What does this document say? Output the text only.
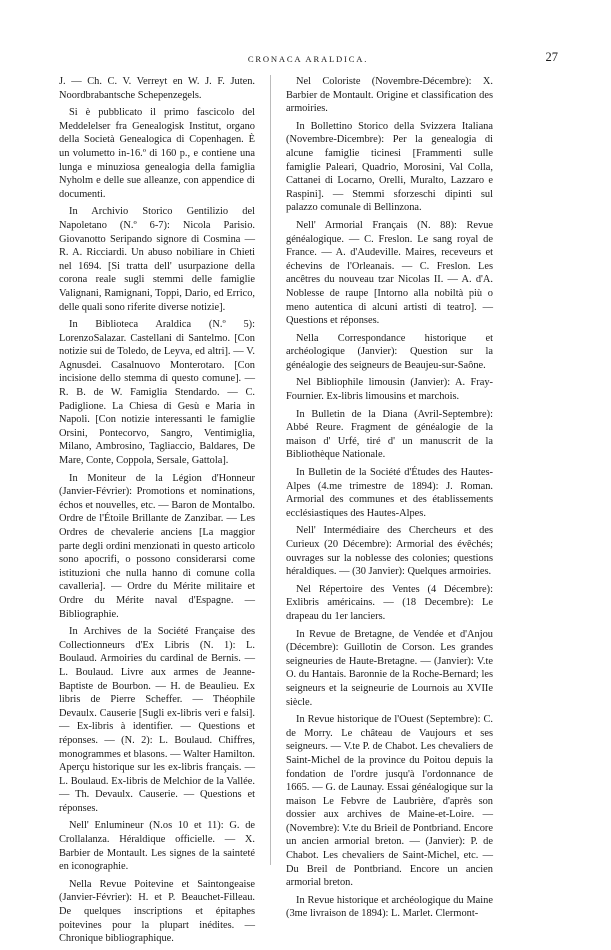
CRONACA ARALDICA.	27

J. — Ch. C. V. Verreyt en W. J. F. Juten. Noordbrabantsche Schepenzegels.

Si è pubblicato il primo fascicolo del Meddelelser fra Genealogisk Institut, organo della Società Genealogica di Copenhagen. È un volumetto in-16.º di 160 p., e contiene una lunga e minuziosa genealogia della famiglia Nyholm e delle sue alleanze, con appendice di documenti.

In Archivio Storico Gentilizio del Napoletano (N.º 6-7): Nicola Parisio. Giovanotto Seripando signore di Cosmina — R. A. Ricciardi. Un abuso nobiliare in Chieti nel 1694. [Si tratta dell' usurpazione della corona reale sugli stemmi delle famiglie Valignani, Ramignani, Toppi, Dario, ed Errico, delle quali sono riferite diverse notizie].

In Biblioteca Araldica (N.º 5): LorenzoSalazar. Castellani di Santelmo. [Con notizie sui de Toledo, de Leyva, ed altri]. — V. Agnusdei. Casalnuovo Monterotaro. [Con incisione dello stemma di questo comune]. — R. B. de W. Famiglia Stendardo. — C. Padiglione. La Chiesa di Gesù e Maria in Napoli. [Con notizie interessanti le famiglie Orsini, Pontecorvo, Sangro, Ventimiglia, Milano, Ambrosino, Tagliaccio, Baldares, De Mare, Conte, Coppola, Sersale, Gattola].

In Moniteur de la Légion d'Honneur (Janvier-Février): Promotions et nominations, échos et nouvelles, etc. — Baron de Montalbo. Ordre de l'Étoile Brillante de Zanzibar. — Les Ordres de chevalerie anciens [La maggior parte degli ordini menzionati in questo articolo sono apocrifi, o possono considerarsi come istituzioni che nulla hanno di comune colla cavalleria]. — Ordre du Mérite militaire et Ordre du Mérite naval d'Espagne. — Bibliographie.

In Archives de la Société Française des Collectionneurs d'Ex Libris (N. 1): L. Boulaud. Armoiries du cardinal de Bernis. — L. Boulaud. Livre aux armes de Jeanne-Baptiste de Bourbon. — H. de Beaulieu. Ex libris de Pierre Scheffer. — Théophile Devaulx. Causerie [Sugli ex-libris veri e falsi]. — Ex-libris à identifier. — Questions et réponses. — (N. 2): L. Boulaud. Chiffres, monogrammes et blasons. — Walter Hamilton. Aperçu historique sur les ex-libris français. — L. Boulaud. Ex-libris de Melchior de la Vallée. — Th. Devaulx. Causerie. — Questions et réponses.

Nell' Enlumineur (N.os 10 et 11): G. de Crollalanza. Héraldique officielle. — X. Barbier de Montault. Les signes de la sainteté en iconographie.

Nella Revue Poitevine et Saintongeaise (Janvier-Février): H. et P. Beauchet-Filleau. De quelques inscriptions et épitaphes poitevines pour la plupart inédites. — Chronique bibliographique.

Nel Coloriste (Novembre-Décembre): X. Barbier de Montault. Origine et classification des armoiries.

In Bollettino Storico della Svizzera Italiana (Novembre-Dicembre): Per la genealogia di alcune famiglie ticinesi [Frammenti sulle famiglie Paleari, Quadrio, Morosini, Val Colla, Cattanei di Locarno, Orelli, Muralto, Lazzaro e Raspini]. — Stemmi sforzeschi dipinti sul palazzo comunale di Bellinzona.

Nell' Armorial Français (N. 88): Revue généalogique. — C. Freslon. Le sang royal de France. — A. d'Audeville. Maires, receveurs et échevins de l'Orleanais. — C. Freslon. Les ancêtres du nouveau tzar Nicolas II. — A. d'A. Noblesse de raupe [Intorno alla nobiltà più o meno autentica di alcuni artisti di teatro]. — Questions et réponses.

Nella Correspondance historique et archéologique (Janvier): Question sur la généalogie des seigneurs de Beaujeu-sur-Saône.

Nel Bibliophile limousin (Janvier): A. Fray-Fournier. Ex-libris limousins et marchois.

In Bulletin de la Diana (Avril-Septembre): Abbé Reure. Fragment de généalogie de la maison d' Urfé, tiré d' un manuscrit de la Bibliothèque Nationale.

In Bulletin de la Société d'Études des Hautes-Alpes (4.me trimestre de 1894): J. Roman. Armorial des communes et des établissements ecclésiastiques des Hautes-Alpes.

Nell' Intermédiaire des Chercheurs et des Curieux (20 Décembre): Armorial des évêchés; ouvrages sur la noblesse des colonies; questions héraldiques. — (30 Janvier): Quelques armoiries.

Nel Répertoire des Ventes (4 Décembre): Exlibris américains. — (18 Decembre): Le drapeau du 1er lanciers.

In Revue de Bretagne, de Vendée et d'Anjou (Décembre): Guillotin de Corson. Les grandes seigneuries de Haute-Bretagne. — (Janvier): V.te O. du Hantais. Baronnie de la Roche-Bernard; les seigneurs et la seigneurie de Lournois au XVIIe siècle.

In Revue historique de l'Ouest (Septembre): C. de Morry. Le château de Vaujours et ses seigneurs. — V.te P. de Chabot. Les chevaliers de Saint-Michel de la province du Poitou depuis la fondation de l'ordre jusqu'à l'ordonnance de 1665. — G. de Launay. Essai généalogique sur la maison Le Febvre de Laubrière, d'après son dossier aux archives de Maine-et-Loire. — (Novembre): V.te du Brieil de Pontbriand. Encore un ancien armorial breton. — (Janvier): P. de Chabot. Les chevaliers de Saint-Michel, etc. — Du Breil de Pontbriand. Encore un ancien armorial breton.

In Revue historique et archéologique du Maine (3me livraison de 1894): L. Marlet. Clermont-
